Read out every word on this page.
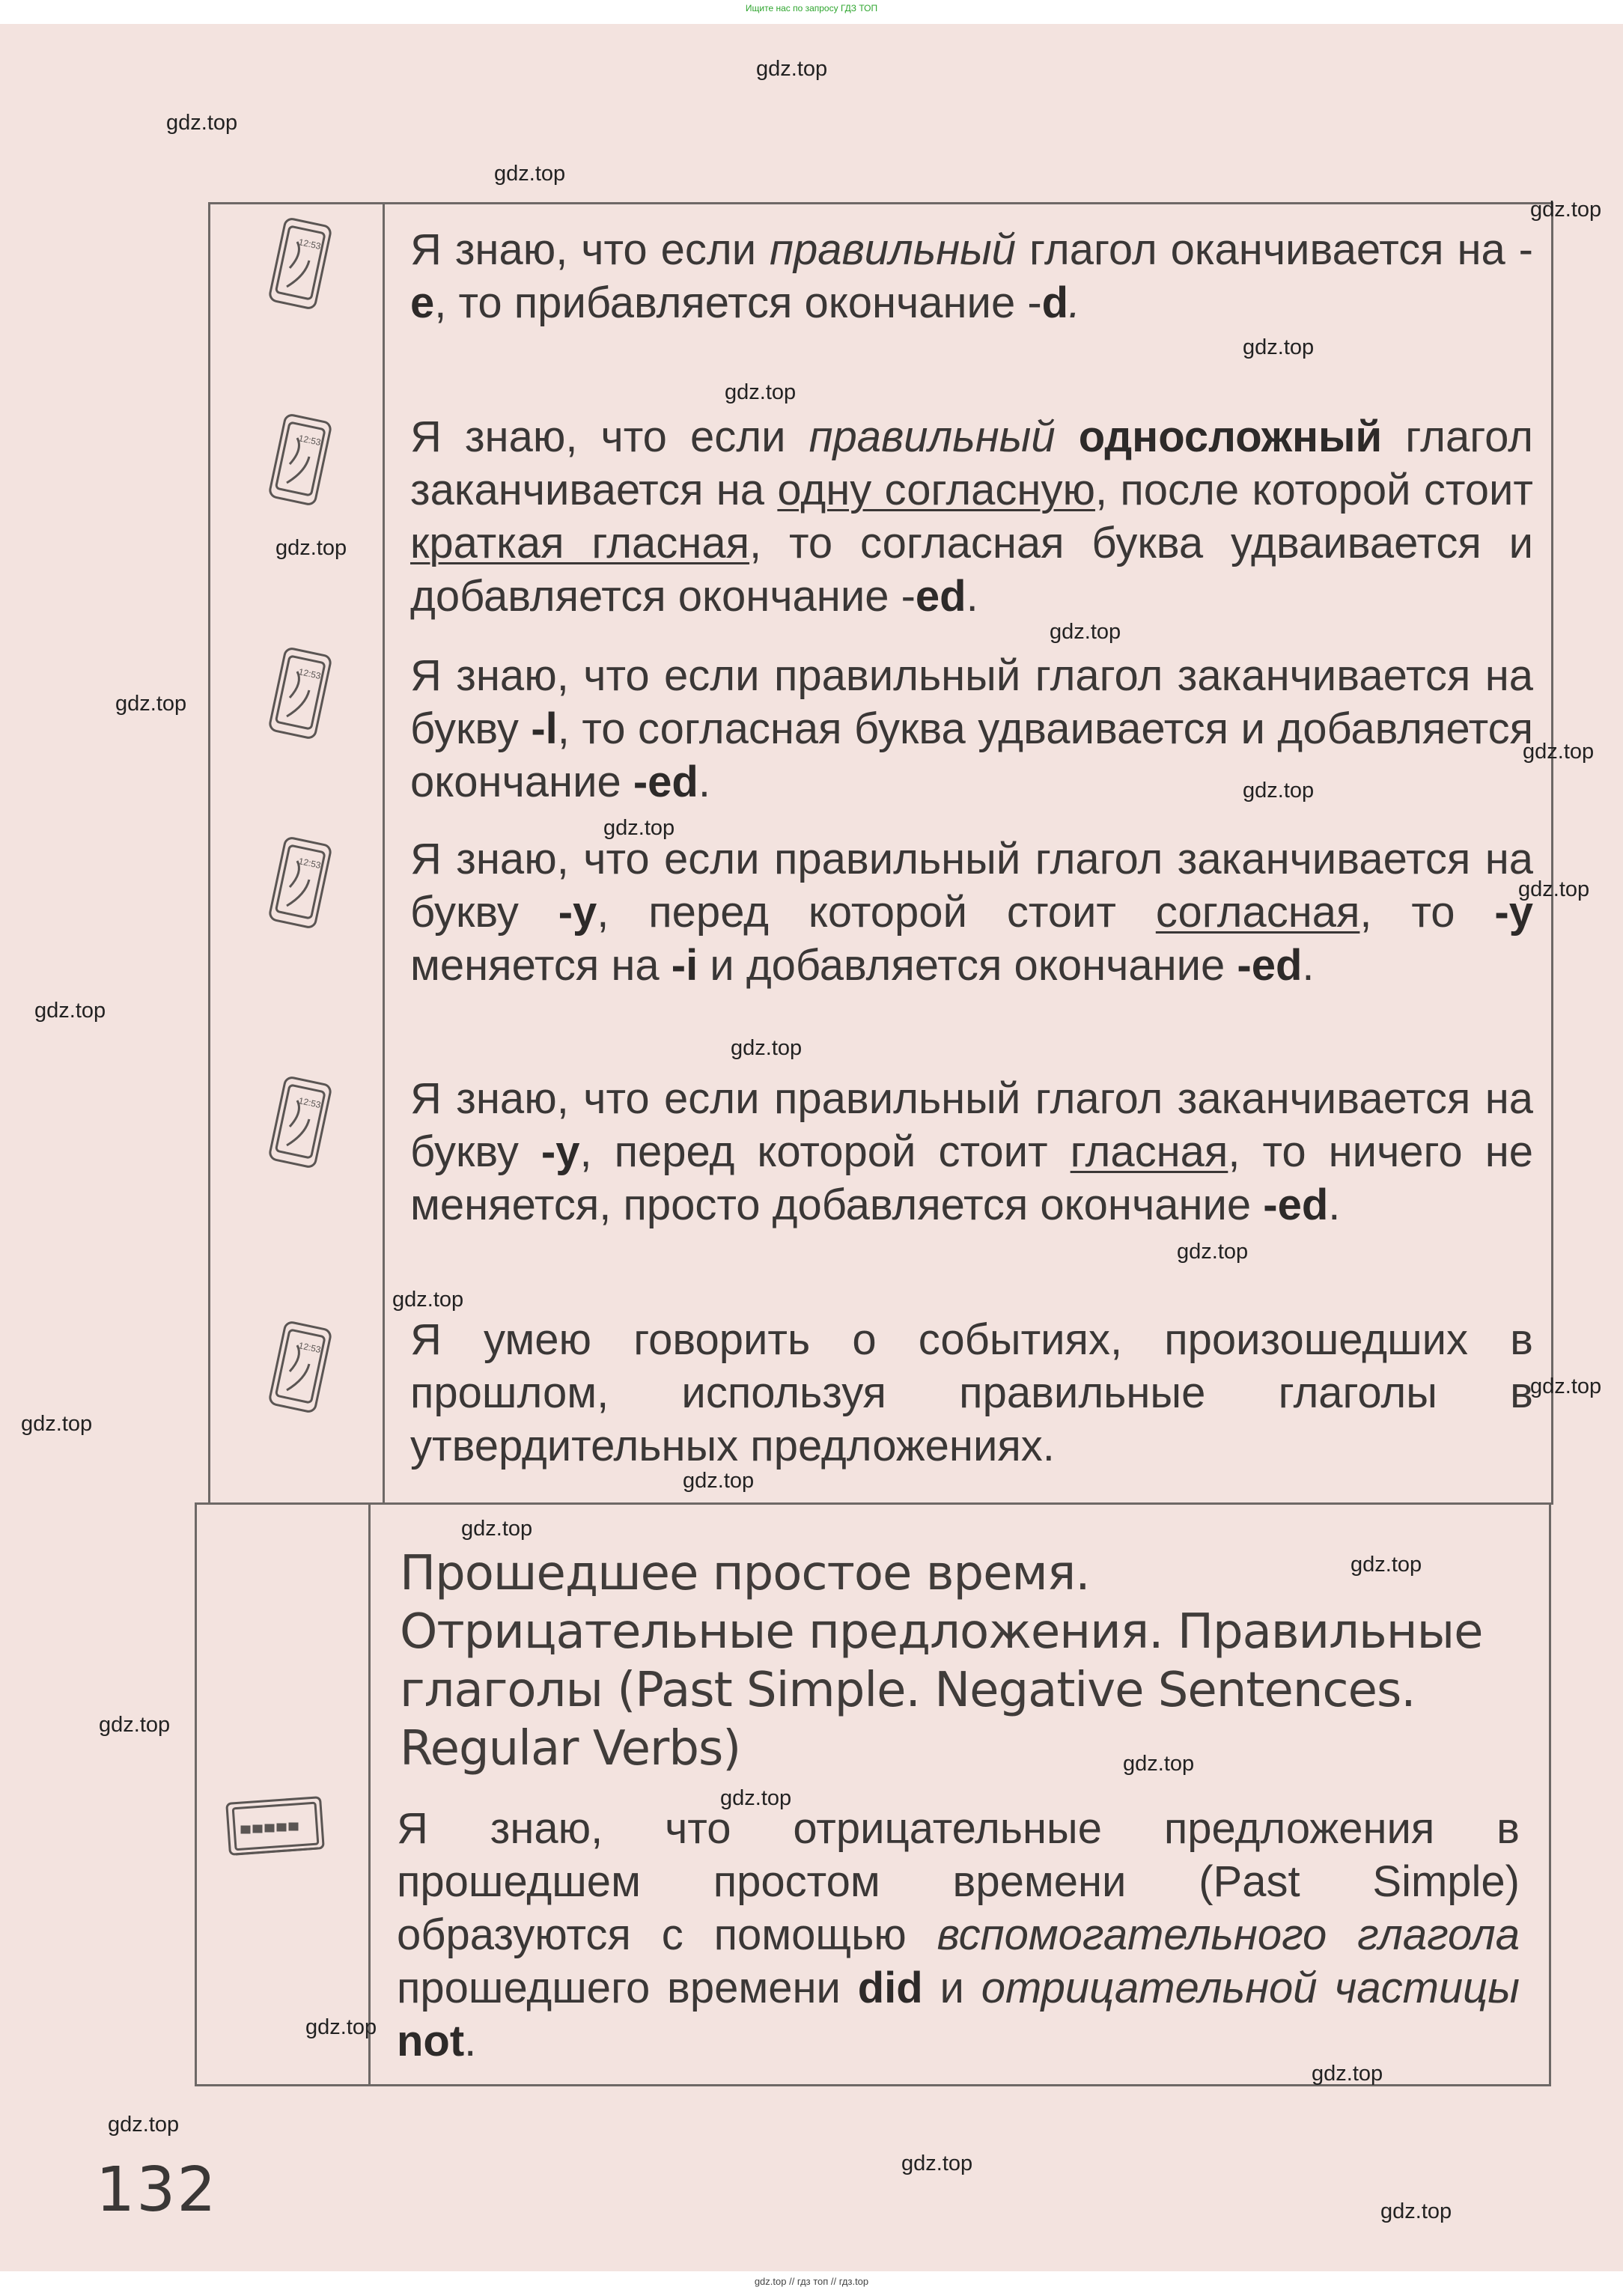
Ищите нас по запросу ГДЗ ТОП
12:53
12:53
12:53
12:53
12:53
12:53
Я знаю, что если правильный глагол оканчивается на -e, то прибавляется окончание -d.
Я знаю, что если правильный односложный глагол заканчивается на одну согласную, после которой стоит краткая гласная, то согласная буква удваивается и добавляется окончание -ed.
Я знаю, что если правильный глагол заканчивается на букву -l, то согласная буква удваивается и добавляется окончание -ed.
Я знаю, что если правильный глагол заканчивается на букву -y, перед которой стоит согласная, то -y меняется на -i и добавляется окончание -ed.
Я знаю, что если правильный глагол заканчивается на букву -y, перед которой стоит гласная, то ничего не меняется, просто добавляется окончание -ed.
Я умею говорить о событиях, произошедших в прошлом, используя правильные глаголы в утвердительных предложениях.
Прошедшее простое время.
Отрицательные предложения. Правильные
глаголы (Past Simple. Negative Sentences.
Regular Verbs)
Я знаю, что отрицательные предложения в прошедшем простом времени (Past Simple) образуются с помощью вспомогательного глагола прошедшего времени did и отрицательной частицы not.
132
gdz.top
gdz.top
gdz.top
gdz.top
gdz.top
gdz.top
gdz.top
gdz.top
gdz.top
gdz.top
gdz.top
gdz.top
gdz.top
gdz.top
gdz.top
gdz.top
gdz.top
gdz.top
gdz.top
gdz.top
gdz.top
gdz.top
gdz.top
gdz.top
gdz.top
gdz.top
gdz.top
gdz.top
gdz.top
gdz.top
gdz.top // гдз топ // гдз.top
